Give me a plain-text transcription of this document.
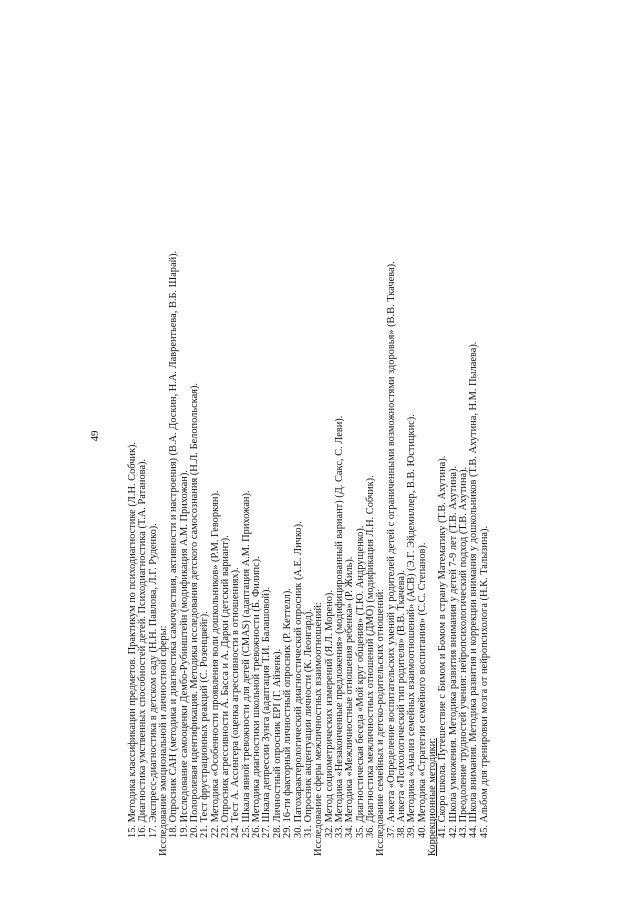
49
15. Методика классификации предметов. Практикум по психодиагностике (Л.Н. Собчик). 16. Диагностика умственных способностей детей. Психодиагностика (Т.А. Ратанова). 17. Экспресс-диагностика в детском саду (Н.Н. Павлова, Л.Г. Руденко). Исследование эмоциональной и личностной сферы: 18. Опросник САН (методика и диагностика самочувствия, активности и настроения) (В.А. Доскин, Н.А. Лаврентьева, В.Б. Шарай). 19. Исследование самооценки Дембо-Рубинштейн (модификация А.М. Прихожан). 20. Полоролевая идентификация. Методика исследования детского самосознания (Н.Л. Белопольская). 21. Тест фрустрационных реакций (С. Розенцвейг). 22. Методика «Особенности проявления воли дошкольников» (Р.М. Геворкян). 23. Опросник агрессивности А. Басса и А. Дарки (детский вариант). 24. Тест А. Ассингера (оценка агрессивности в отношениях). 25. Шкала явной тревожности для детей (CMAS) (адаптация А.М. Прихожан). 26. Методика диагностики школьной тревожности (Б. Филипс). 27. Шкала депрессии Зунга (адаптация Т.И. Балашовой). 28. Личностный опросник EPI (Г. Айзенк). 29. 16-ти факторный личностный опросник (Р. Кеттелл). 30. Патохарактерологический диагностический опросник (А.Е. Личко). 31. Опросник акцентуации личности (К. Леонгард). Исследование сферы межличностных взаимоотношений: 32. Метод социометрических измерений (Я.Л. Морено). 33. Методика «Незаконченные предложения» (модифицированный вариант) (Д. Сакс, С. Леви). 34. Методика «Межличностные отношения ребенка» (Р. Жиль). 35. Диагностическая беседа «Мой круг общения» (Т.Ю. Андрущенко). 36. Диагностика межличностных отношений (ДМО) (модификация Л.Н. Собчик). Исследование семейных и детско-родительских отношений: 37. Анкета «Определение воспитательских умений у родителей детей с ограниченными возможностями здоровья» (В.В. Ткачева). 38. Анкета «Психологический тип родителя» (В.В. Ткачева). 39. Методика «Анализ семейных взаимоотношений» (АСВ) (Э.Г. Эйдемиллер, В.В. Юстицкис). 40. Методика «Стратегии семейного воспитания» (С.С. Степанов). Коррекционные методики: 41. Скоро школа. Путешествие с Бимом и Бомом в страну Математику (Т.В. Ахутина). 42. Школа умножения. Методика развития внимания у детей 7-9 лет (Т.В. Ахутина). 43. Преодоление трудностей учения: нейропсихологический подход (Т.В. Ахутина). 44. Школа внимания. Методика развития и коррекции внимания у дошкольников (Т.В. Ахутина, Н.М. Пылаева). 45. Альбом для тренировки мозга от нейропсихолога (Н.К. Талызина).
